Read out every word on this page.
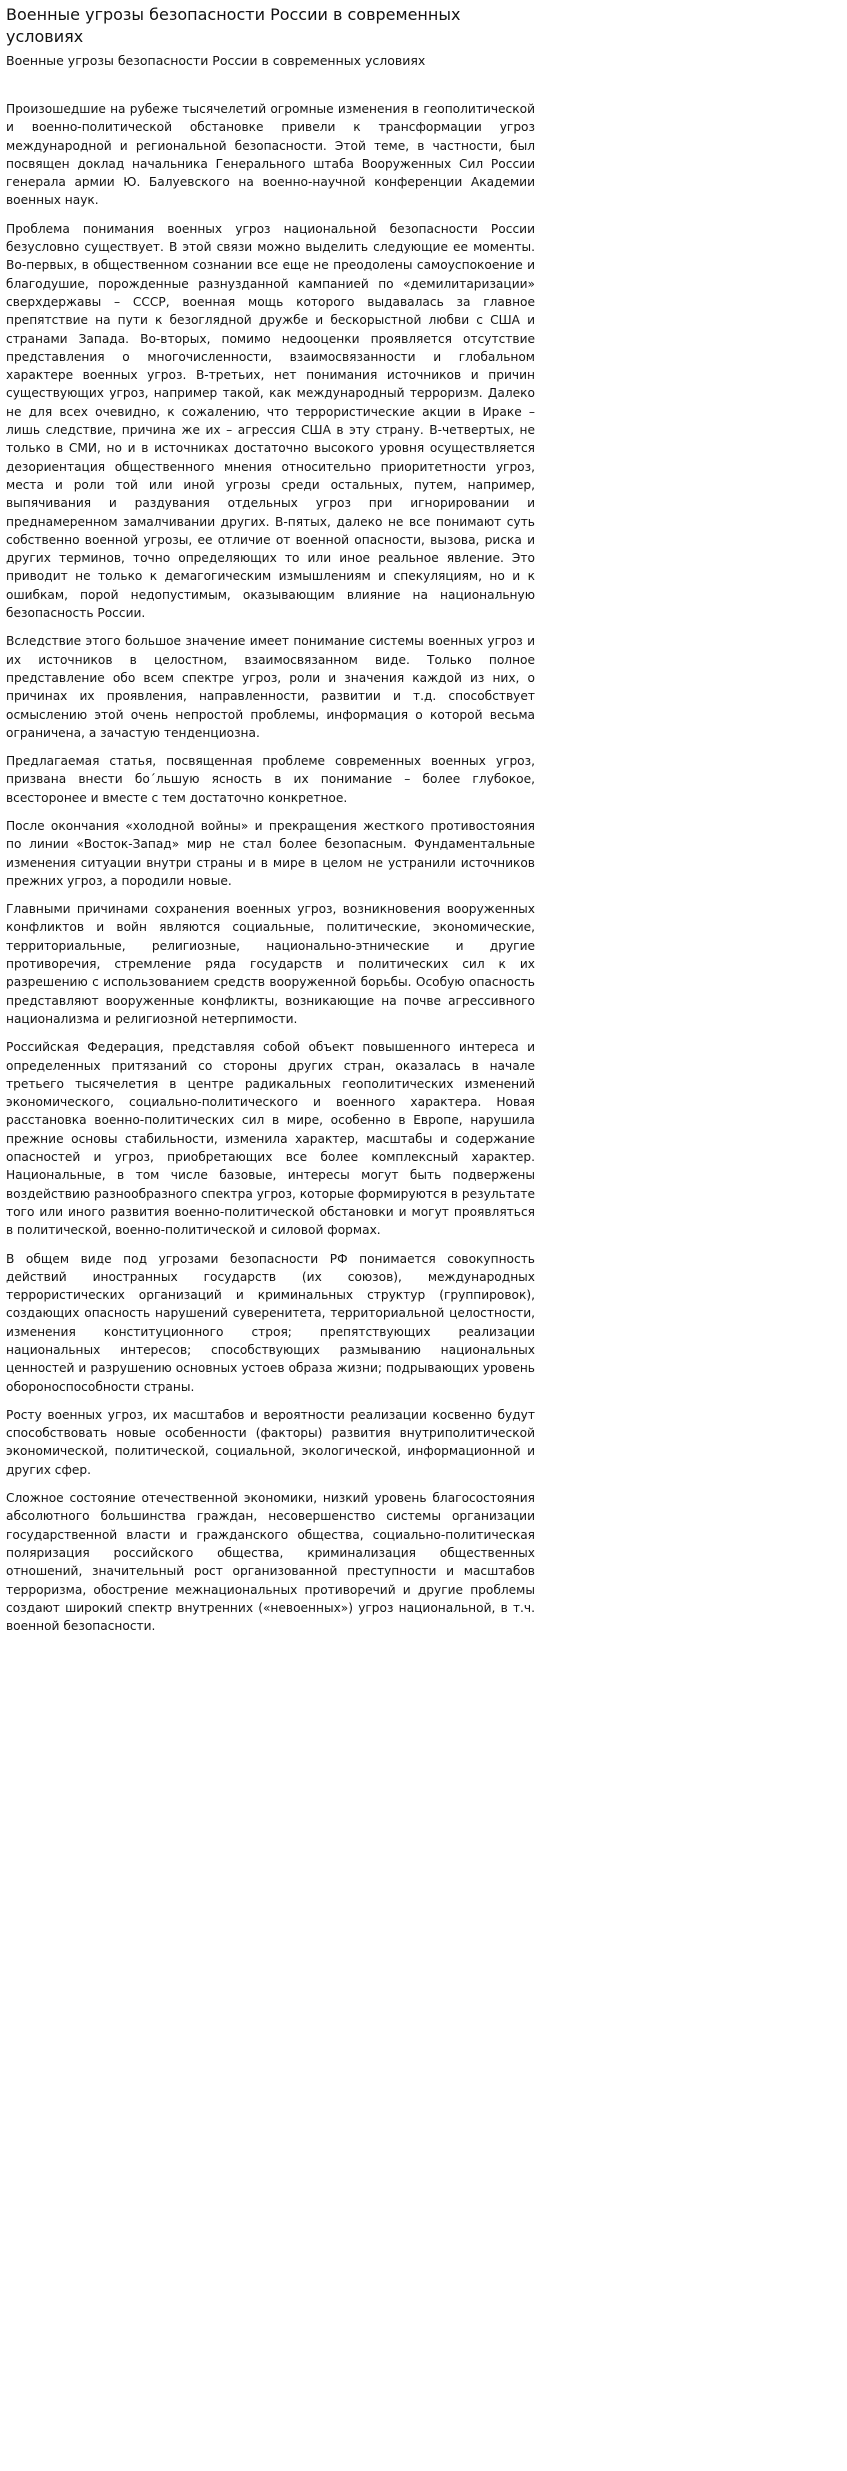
Военные угрозы безопасности России в современных условиях
Военные угрозы безопасности России в современных условиях

Произошедшие на рубеже тысячелетий огромные изменения в геополитической и военно-политической обстановке привели к трансформации угроз международной и региональной безопасности. Этой теме, в частности, был посвящен доклад начальника Генерального штаба Вооруженных Сил России генерала армии Ю. Балуевского на военно-научной конференции Академии военных наук.

Проблема понимания военных угроз национальной безопасности России безусловно существует. В этой связи можно выделить следующие ее моменты. Во-первых, в общественном сознании все еще не преодолены самоуспокоение и благодушие, порожденные разнузданной кампанией по «демилитаризации» сверхдержавы – СССР, военная мощь которого выдавалась за главное препятствие на пути к безоглядной дружбе и бескорыстной любви с США и странами Запада. Во-вторых, помимо недооценки проявляется отсутствие представления о многочисленности, взаимосвязанности и глобальном характере военных угроз. В-третьих, нет понимания источников и причин существующих угроз, например такой, как международный терроризм. Далеко не для всех очевидно, к сожалению, что террористические акции в Ираке – лишь следствие, причина же их – агрессия США в эту страну. В-четвертых, не только в СМИ, но и в источниках достаточно высокого уровня осуществляется дезориентация общественного мнения относительно приоритетности угроз, места и роли той или иной угрозы среди остальных, путем, например, выпячивания и раздувания отдельных угроз при игнорировании и преднамеренном замалчивании других. В-пятых, далеко не все понимают суть собственно военной угрозы, ее отличие от военной опасности, вызова, риска и других терминов, точно определяющих то или иное реальное явление. Это приводит не только к демагогическим измышлениям и спекуляциям, но и к ошибкам, порой недопустимым, оказывающим влияние на национальную безопасность России.

Вследствие этого большое значение имеет понимание системы военных угроз и их источников в целостном, взаимосвязанном виде. Только полное представление обо всем спектре угроз, роли и значения каждой из них, о причинах их проявления, направленности, развитии и т.д. способствует осмыслению этой очень непростой проблемы, информация о которой весьма ограничена, а зачастую тенденциозна.

Предлагаемая статья, посвященная проблеме современных военных угроз, призвана внести бо´льшую ясность в их понимание – более глубокое, всесторонее и вместе с тем достаточно конкретное.

После окончания «холодной войны» и прекращения жесткого противостояния по линии «Восток-Запад» мир не стал более безопасным. Фундаментальные изменения ситуации внутри страны и в мире в целом не устранили источников прежних угроз, а породили новые.

Главными причинами сохранения военных угроз, возникновения вооруженных конфликтов и войн являются социальные, политические, экономические, территориальные, религиозные, национально-этнические и другие противоречия, стремление ряда государств и политических сил к их разрешению с использованием средств вооруженной борьбы. Особую опасность представляют вооруженные конфликты, возникающие на почве агрессивного национализма и религиозной нетерпимости.

Российская Федерация, представляя собой объект повышенного интереса и определенных притязаний со стороны других стран, оказалась в начале третьего тысячелетия в центре радикальных геополитических изменений экономического, социально-политического и военного характера. Новая расстановка военно-политических сил в мире, особенно в Европе, нарушила прежние основы стабильности, изменила характер, масштабы и содержание опасностей и угроз, приобретающих все более комплексный характер. Национальные, в том числе базовые, интересы могут быть подвержены воздействию разнообразного спектра угроз, которые формируются в результате того или иного развития военно-политической обстановки и могут проявляться в политической, военно-политической и силовой формах.

В общем виде под угрозами безопасности РФ понимается совокупность действий иностранных государств (их союзов), международных террористических организаций и криминальных структур (группировок), создающих опасность нарушений суверенитета, территориальной целостности, изменения конституционного строя; препятствующих реализации национальных интересов; способствующих размыванию национальных ценностей и разрушению основных устоев образа жизни; подрывающих уровень обороноспособности страны.

Росту военных угроз, их масштабов и вероятности реализации косвенно будут способствовать новые особенности (факторы) развития внутриполитической экономической, политической, социальной, экологической, информационной и других сфер.

Сложное состояние отечественной экономики, низкий уровень благосостояния абсолютного большинства граждан, несовершенство системы организации государственной власти и гражданского общества, социально-политическая поляризация российского общества, криминализация общественных отношений, значительный рост организованной преступности и масштабов терроризма, обострение межнациональных противоречий и другие проблемы создают широкий спектр внутренних («невоенных») угроз национальной, в т.ч. военной безопасности.
